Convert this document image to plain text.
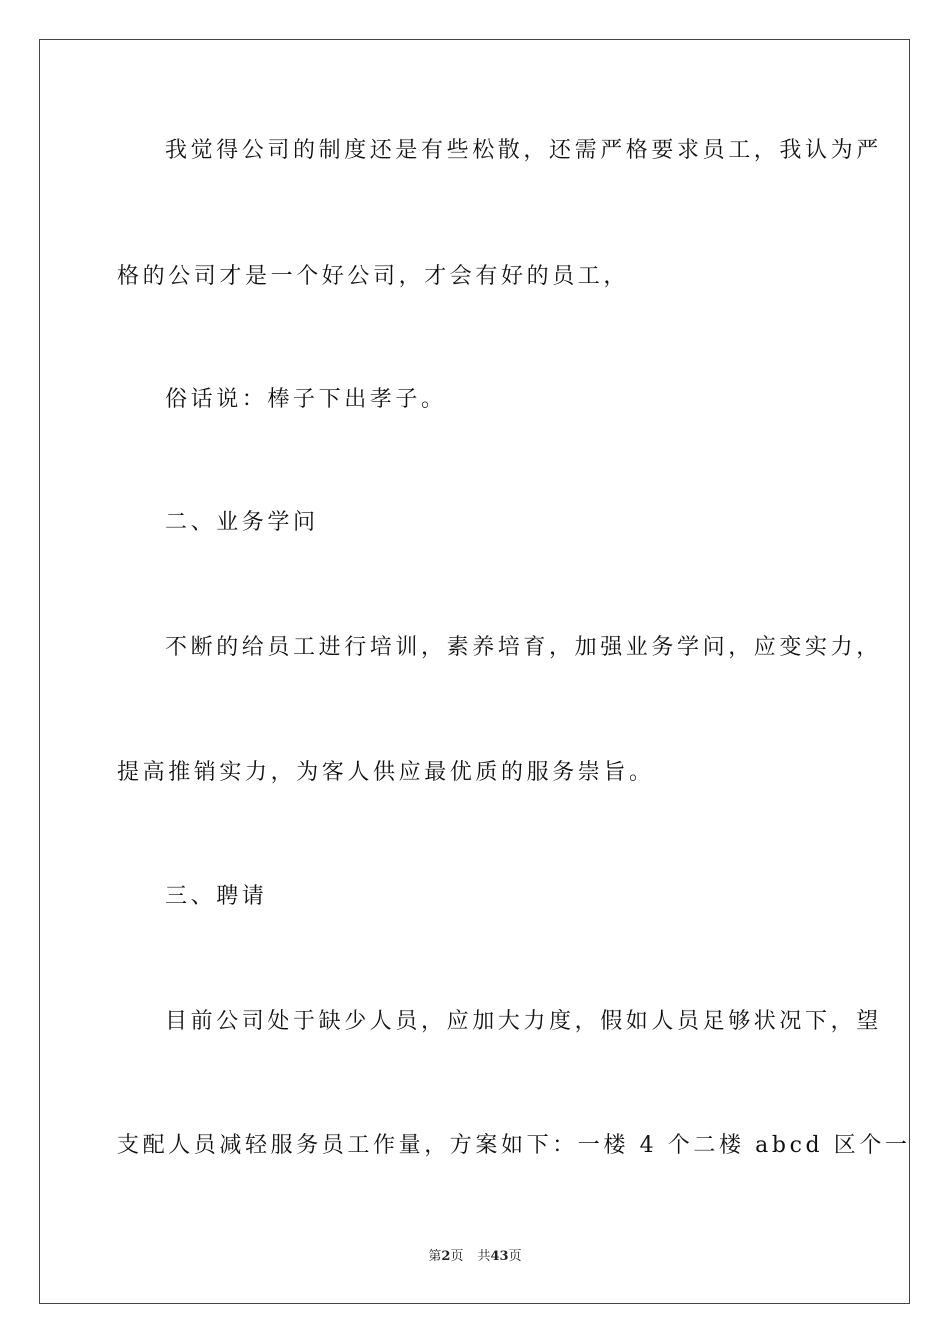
我觉得公司的制度还是有些松散，还需严格要求员工，我认为严
格的公司才是一个好公司，才会有好的员工，
俗话说：棒子下出孝子。
二、业务学问
不断的给员工进行培训，素养培育，加强业务学问，应变实力，
提高推销实力，为客人供应最优质的服务崇旨。
三、聘请
目前公司处于缺少人员，应加大力度，假如人员足够状况下，望
支配人员减轻服务员工作量，方案如下：一楼 4 个二楼 abcd 区个一
第2页 共43页
